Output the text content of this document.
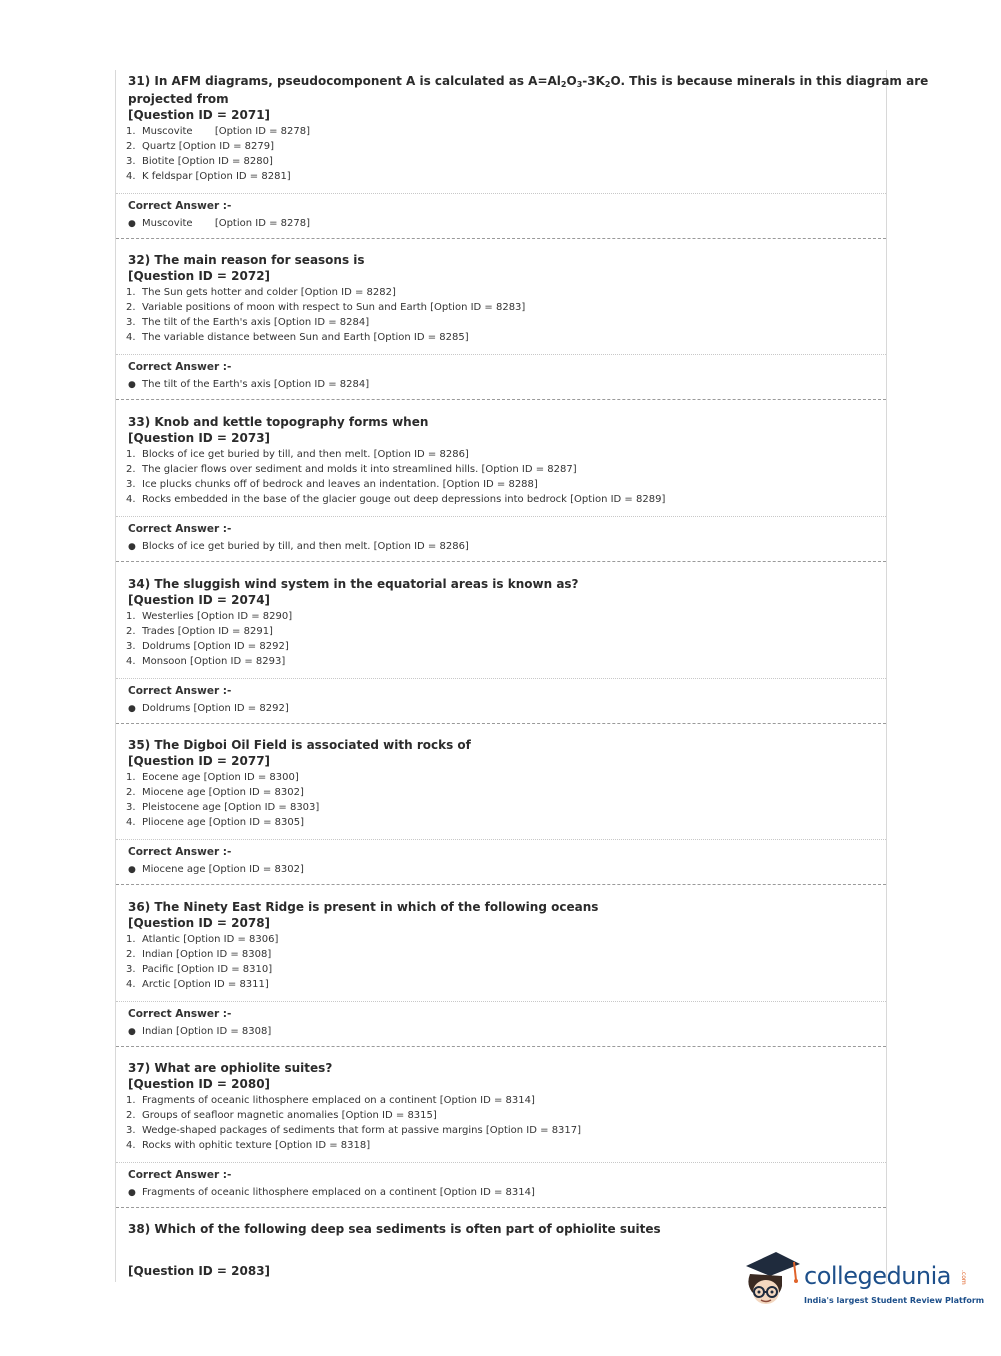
31) In AFM diagrams, pseudocomponent A is calculated as $A=Al_2O_3-3K_2O$. This is because minerals in this diagram are
projected from
[Question ID = 2071]
1. Muscovite       [Option ID = 8278]
2. Quartz [Option ID = 8279]
3. Biotite [Option ID = 8280]
4. K feldspar [Option ID = 8281]
Correct Answer :-
● Muscovite       [Option ID = 8278]
32) The main reason for seasons is
[Question ID = 2072]
1. The Sun gets hotter and colder [Option ID = 8282]
2. Variable positions of moon with respect to Sun and Earth [Option ID = 8283]
3. The tilt of the Earth's axis [Option ID = 8284]
4. The variable distance between Sun and Earth [Option ID = 8285]
Correct Answer :-
● The tilt of the Earth's axis [Option ID = 8284]
33) Knob and kettle topography forms when
[Question ID = 2073]
1. Blocks of ice get buried by till, and then melt. [Option ID = 8286]
2. The glacier flows over sediment and molds it into streamlined hills. [Option ID = 8287]
3. Ice plucks chunks off of bedrock and leaves an indentation. [Option ID = 8288]
4. Rocks embedded in the base of the glacier gouge out deep depressions into bedrock [Option ID = 8289]
Correct Answer :-
● Blocks of ice get buried by till, and then melt. [Option ID = 8286]
34) The sluggish wind system in the equatorial areas is known as?
[Question ID = 2074]
1. Westerlies [Option ID = 8290]
2. Trades [Option ID = 8291]
3. Doldrums [Option ID = 8292]
4. Monsoon [Option ID = 8293]
Correct Answer :-
● Doldrums [Option ID = 8292]
35) The Digboi Oil Field is associated with rocks of
[Question ID = 2077]
1. Eocene age [Option ID = 8300]
2. Miocene age [Option ID = 8302]
3. Pleistocene age [Option ID = 8303]
4. Pliocene age [Option ID = 8305]
Correct Answer :-
● Miocene age [Option ID = 8302]
36) The Ninety East Ridge is present in which of the following oceans
[Question ID = 2078]
1. Atlantic [Option ID = 8306]
2. Indian [Option ID = 8308]
3. Pacific [Option ID = 8310]
4. Arctic [Option ID = 8311]
Correct Answer :-
● Indian [Option ID = 8308]
37) What are ophiolite suites?
[Question ID = 2080]
1. Fragments of oceanic lithosphere emplaced on a continent [Option ID = 8314]
2. Groups of seafloor magnetic anomalies [Option ID = 8315]
3. Wedge-shaped packages of sediments that form at passive margins [Option ID = 8317]
4. Rocks with ophitic texture [Option ID = 8318]
Correct Answer :-
● Fragments of oceanic lithosphere emplaced on a continent [Option ID = 8314]
38) Which of the following deep sea sediments is often part of ophiolite suites
[Question ID = 2083]	collegedunia .com
India's largest Student Review Platform
